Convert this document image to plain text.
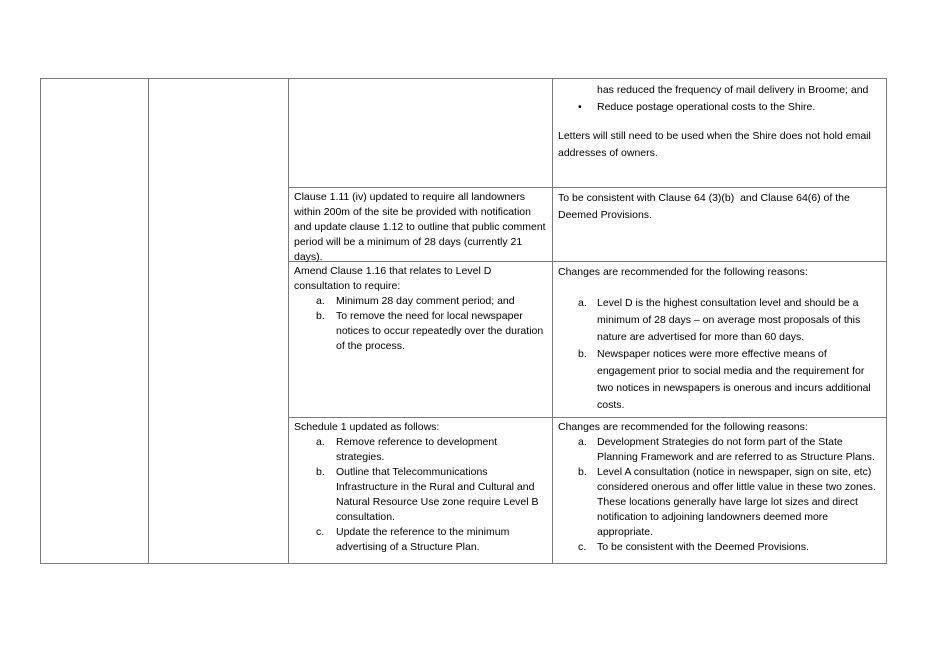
has reduced the frequency of mail delivery in Broome; and
• Reduce postage operational costs to the Shire.
Letters will still need to be used when the Shire does not hold email addresses of owners.
Clause 1.11 (iv) updated to require all landowners within 200m of the site be provided with notification and update clause 1.12 to outline that public comment period will be a minimum of 28 days (currently 21 days).
To be consistent with Clause 64 (3)(b)  and Clause 64(6) of the Deemed Provisions.
Amend Clause 1.16 that relates to Level D consultation to require:
a. Minimum 28 day comment period; and
b. To remove the need for local newspaper notices to occur repeatedly over the duration of the process.
Changes are recommended for the following reasons:
a. Level D is the highest consultation level and should be a minimum of 28 days – on average most proposals of this nature are advertised for more than 60 days.
b. Newspaper notices were more effective means of engagement prior to social media and the requirement for two notices in newspapers is onerous and incurs additional costs.
Schedule 1 updated as follows:
a. Remove reference to development strategies.
b. Outline that Telecommunications Infrastructure in the Rural and Cultural and Natural Resource Use zone require Level B consultation.
c. Update the reference to the minimum advertising of a Structure Plan.
Changes are recommended for the following reasons:
a. Development Strategies do not form part of the State Planning Framework and are referred to as Structure Plans.
b. Level A consultation (notice in newspaper, sign on site, etc) considered onerous and offer little value in these two zones. These locations generally have large lot sizes and direct notification to adjoining landowners deemed more appropriate.
c. To be consistent with the Deemed Provisions.
